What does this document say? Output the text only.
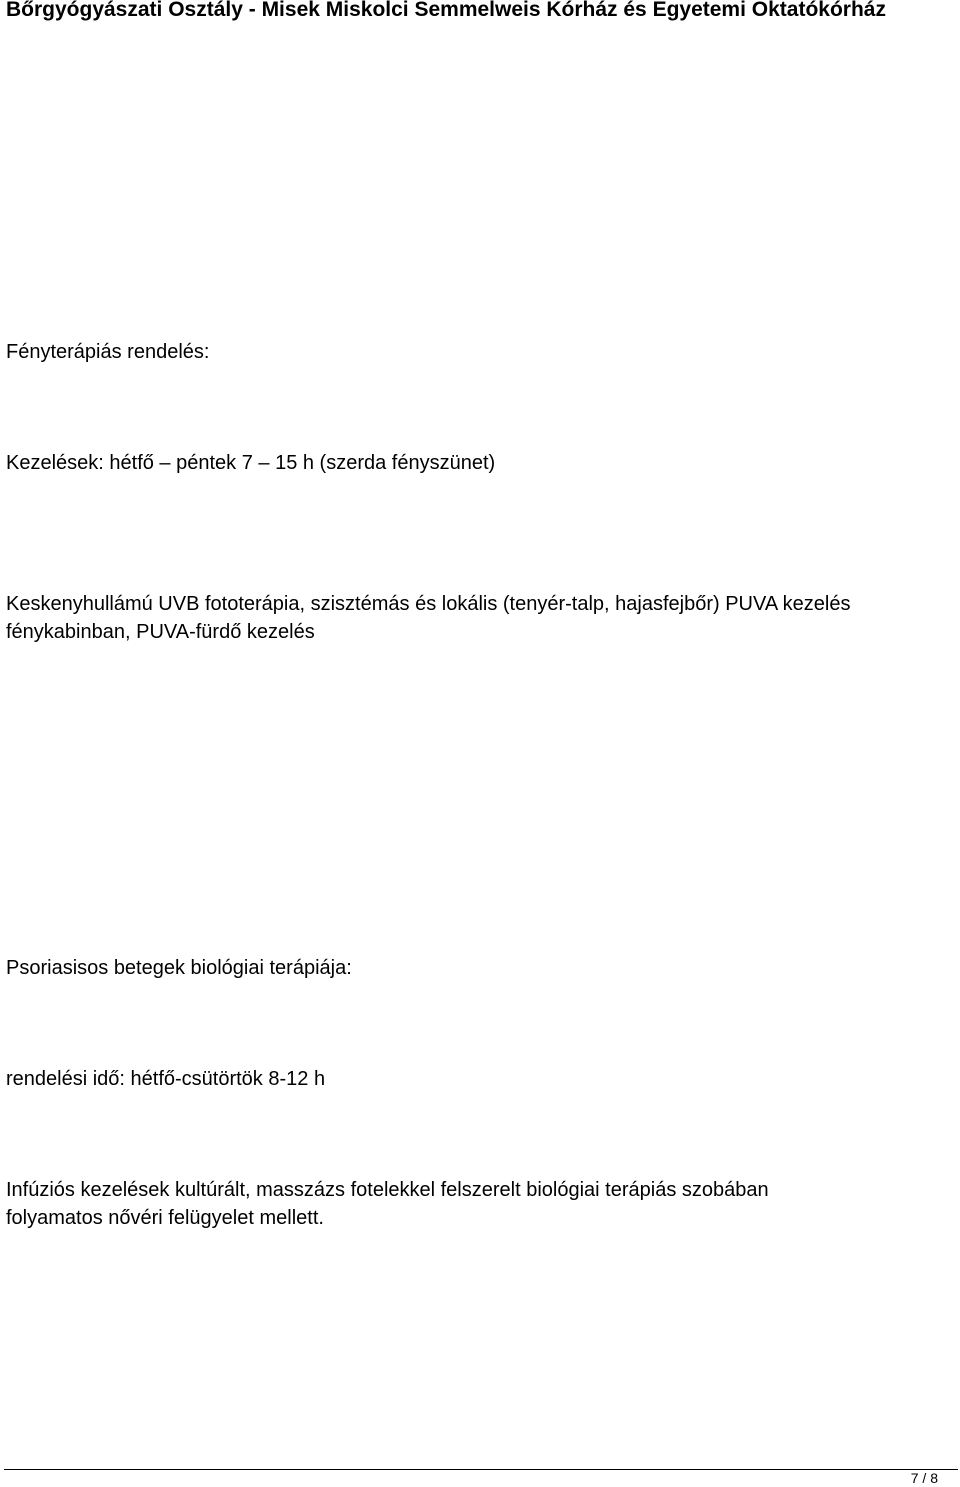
Bőrgyógyászati Osztály - Misek Miskolci Semmelweis Kórház és Egyetemi Oktatókórház
Fényterápiás rendelés:
Kezelések: hétfő – péntek 7 – 15 h (szerda fényszünet)
Keskenyhullámú UVB fototerápia, szisztémás és lokális (tenyér-talp, hajasfejbőr) PUVA kezelés
fénykabinban, PUVA-fürdő kezelés
Psoriasisos betegek biológiai terápiája:
rendelési idő: hétfő-csütörtök 8-12 h
Infúziós kezelések kultúrált, masszázs fotelekkel felszerelt biológiai terápiás szobában
folyamatos nővéri felügyelet mellett.
7 / 8
